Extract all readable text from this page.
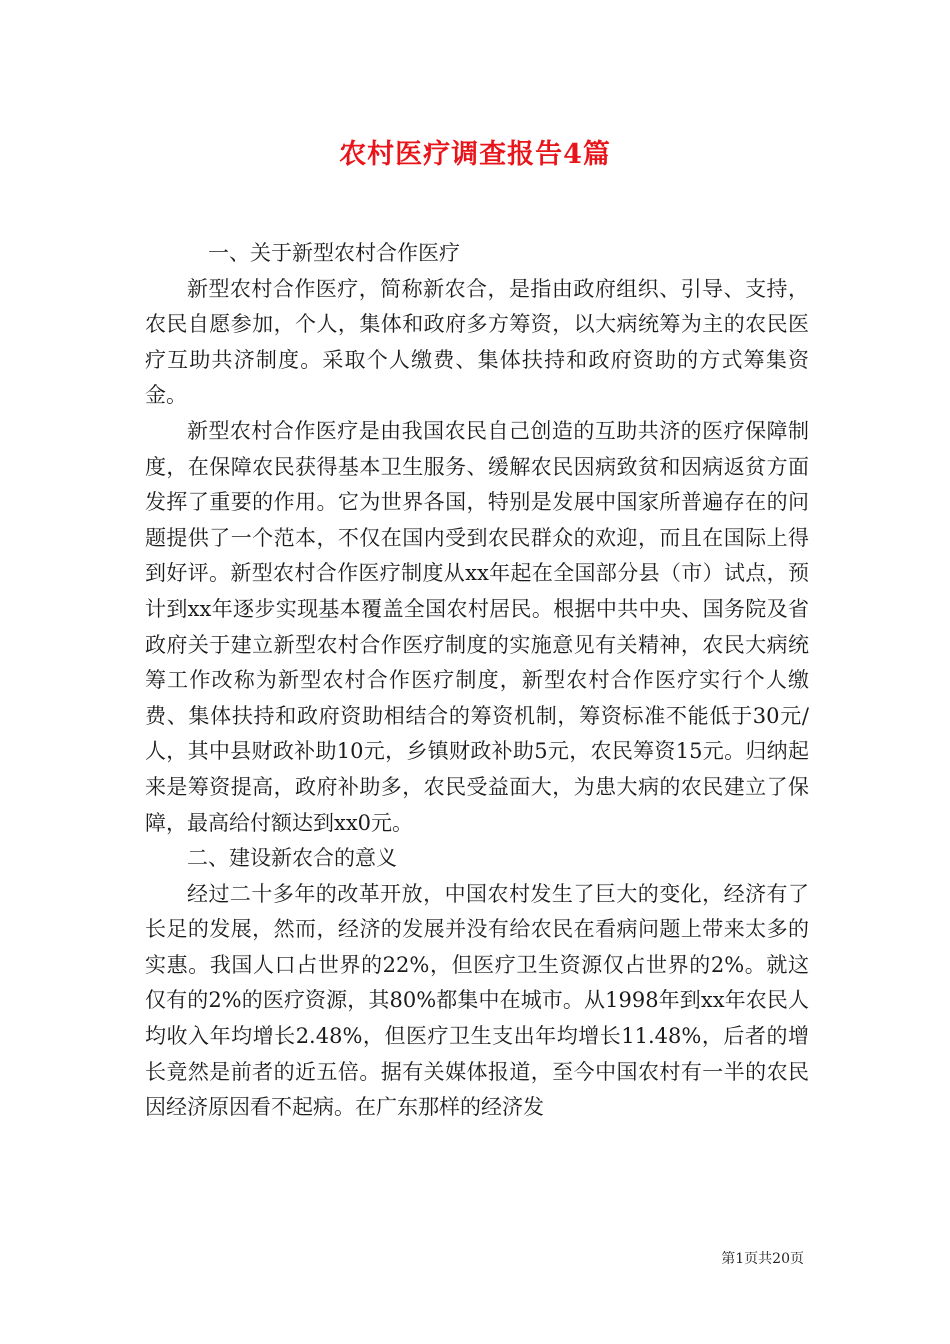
农村医疗调查报告4篇

一、关于新型农村合作医疗

新型农村合作医疗，简称新农合，是指由政府组织、引导、支持，农民自愿参加，个人，集体和政府多方筹资，以大病统筹为主的农民医疗互助共济制度。采取个人缴费、集体扶持和政府资助的方式筹集资金。

新型农村合作医疗是由我国农民自己创造的互助共济的医疗保障制度，在保障农民获得基本卫生服务、缓解农民因病致贫和因病返贫方面发挥了重要的作用。它为世界各国，特别是发展中国家所普遍存在的问题提供了一个范本，不仅在国内受到农民群众的欢迎，而且在国际上得到好评。新型农村合作医疗制度从xx年起在全国部分县（市）试点，预计到xx年逐步实现基本覆盖全国农村居民。根据中共中央、国务院及省政府关于建立新型农村合作医疗制度的实施意见有关精神，农民大病统筹工作改称为新型农村合作医疗制度，新型农村合作医疗实行个人缴费、集体扶持和政府资助相结合的筹资机制，筹资标准不能低于30元/人，其中县财政补助10元，乡镇财政补助5元，农民筹资15元。归纳起来是筹资提高，政府补助多，农民受益面大，为患大病的农民建立了保障，最高给付额达到xx0元。

二、建设新农合的意义

经过二十多年的改革开放，中国农村发生了巨大的变化，经济有了长足的发展，然而，经济的发展并没有给农民在看病问题上带来太多的实惠。我国人口占世界的22%，但医疗卫生资源仅占世界的2%。就这仅有的2%的医疗资源，其80%都集中在城市。从1998年到xx年农民人均收入年均增长2.48%，但医疗卫生支出年均增长11.48%，后者的增长竟然是前者的近五倍。据有关媒体报道，至今中国农村有一半的农民因经济原因看不起病。在广东那样的经济发

第1页共20页
